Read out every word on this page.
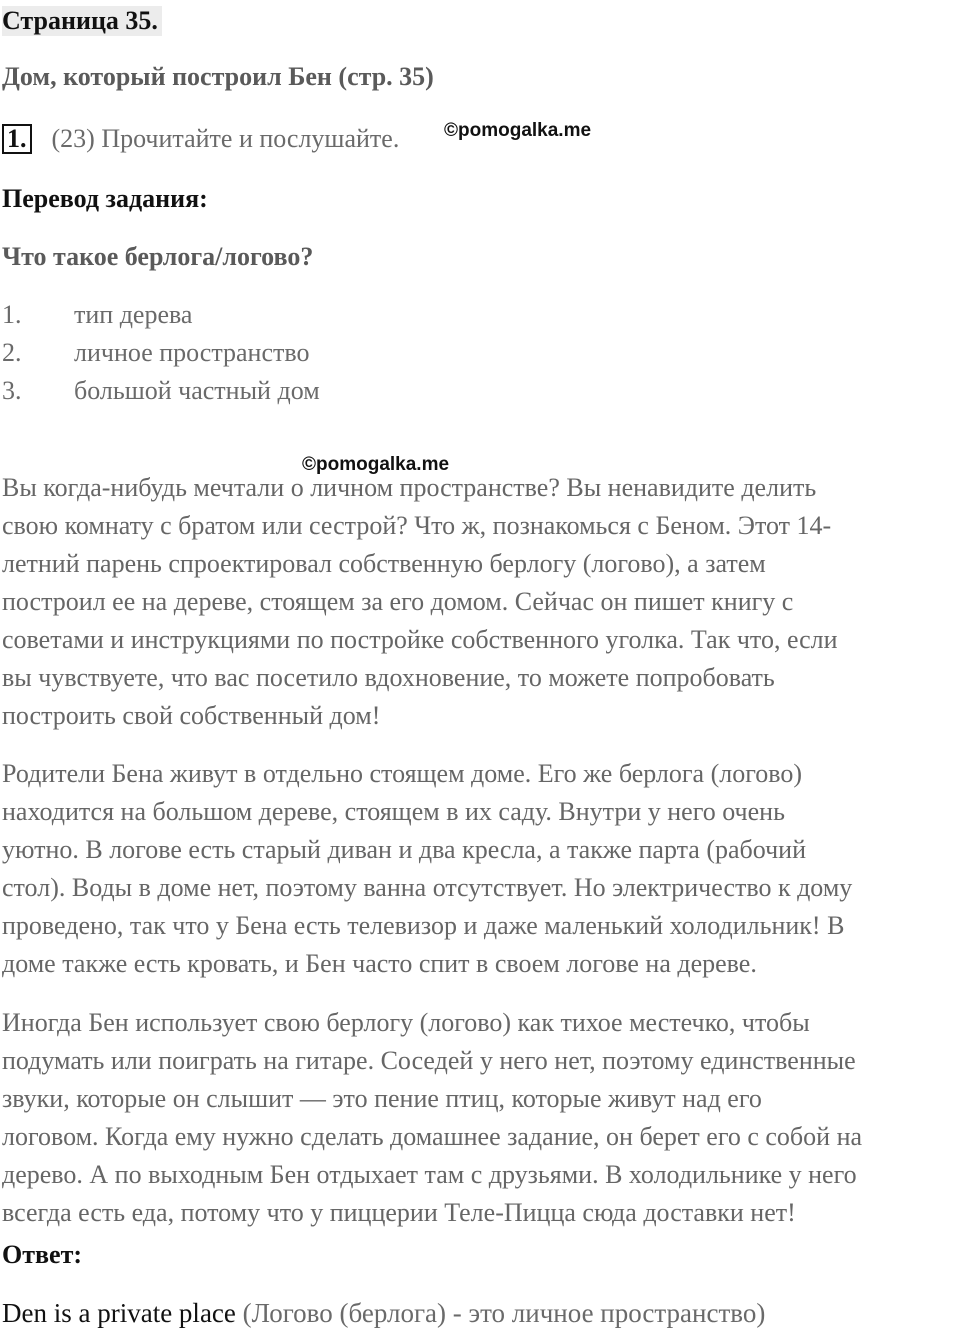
Страница 35.
Дом, который построил Бен (стр. 35)
1. (23) Прочитайте и послушайте. ©pomogalka.me
Перевод задания:
Что такое берлога/логово?
1. тип дерева
2. личное пространство
3. большой частный дом
©pomogalka.me
Вы когда-нибудь мечтали о личном пространстве? Вы ненавидите делить
свою комнату с братом или сестрой? Что ж, познакомься с Беном. Этот 14-
летний парень спроектировал собственную берлогу (логово), а затем
построил ее на дереве, стоящем за его домом. Сейчас он пишет книгу с
советами и инструкциями по постройке собственного уголка. Так что, если
вы чувствуете, что вас посетило вдохновение, то можете попробовать
построить свой собственный дом!
Родители Бена живут в отдельно стоящем доме. Его же берлога (логово)
находится на большом дереве, стоящем в их саду. Внутри у него очень
уютно. В логове есть старый диван и два кресла, а также парта (рабочий
стол). Воды в доме нет, поэтому ванна отсутствует. Но электричество к дому
проведено, так что у Бена есть телевизор и даже маленький холодильник! В
доме также есть кровать, и Бен часто спит в своем логове на дереве.
Иногда Бен использует свою берлогу (логово) как тихое местечко, чтобы
подумать или поиграть на гитаре. Соседей у него нет, поэтому единственные
звуки, которые он слышит — это пение птиц, которые живут над его
логовом. Когда ему нужно сделать домашнее задание, он берет его с собой на
дерево. А по выходным Бен отдыхает там с друзьями. В холодильнике у него
всегда есть еда, потому что у пиццерии Теле-Пицца сюда доставки нет!
Ответ:
Den is a private place (Логово (берлога) - это личное пространство)
